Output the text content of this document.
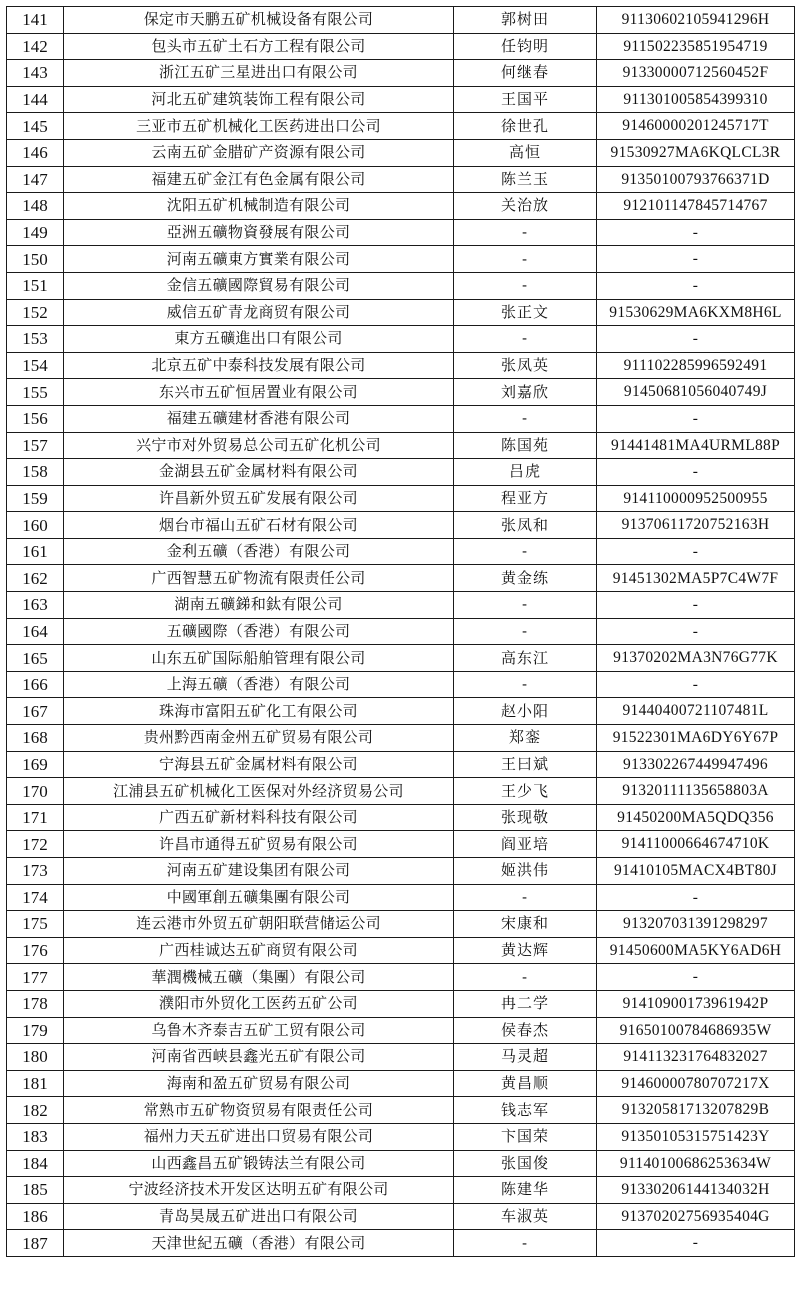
141	保定市天鹏五矿机械设备有限公司	郭树田	91130602105941296H
142	包头市五矿土石方工程有限公司	任钧明	91150223585195471​9
143	浙江五矿三星进出口有限公司	何继春	91330000712560452F
144	河北五矿建筑装饰工程有限公司	王国平	911301005854399310
145	三亚市五矿机械化工医药进出口公司	徐世孔	91460000201245717T
146	云南五矿金腊矿产资源有限公司	高恒	91530927MA6KQLCL3R
147	福建五矿金江有色金属有限公司	陈兰玉	91350100793766371D
148	沈阳五矿机械制造有限公司	关治放	912101147845714767
149	亞洲五礦物資發展有限公司	-	-
150	河南五礦東方實業有限公司	-	-
151	金信五礦國際貿易有限公司	-	-
152	威信五矿青龙商贸有限公司	张正文	91530629MA6KXM8H6L
153	東方五礦進出口有限公司	-	-
154	北京五矿中泰科技发展有限公司	张凤英	91110228599659249​1
155	东兴市五矿恒居置业有限公司	刘嘉欣	91450681056040749J
156	福建五礦建材香港有限公司	-	-
157	兴宁市对外贸易总公司五矿化机公司	陈国苑	91441481MA4URML88P
158	金湖县五矿金属材料有限公司	吕虎	-
159	许昌新外贸五矿发展有限公司	程亚方	914110000952500955
160	烟台市福山五矿石材有限公司	张凤和	91370611720752163H
161	金利五礦（香港）有限公司	-	-
162	广西智慧五矿物流有限责任公司	黄金练	91451302MA5P7C4W7F
163	湖南五礦銻和鈦有限公司	-	-
164	五礦國際（香港）有限公司	-	-
165	山东五矿国际船舶管理有限公司	高东江	91370202MA3N76G77K
166	上海五礦（香港）有限公司	-	-
167	珠海市富阳五矿化工有限公司	赵小阳	91440400721107481L
168	贵州黔西南金州五矿贸易有限公司	郑銮	91522301MA6DY6Y67P
169	宁海县五矿金属材料有限公司	王曰斌	913302267449947496
170	江浦县五矿机械化工医保对外经济贸易公司	王少飞	91320111135658803A
171	广西五矿新材料科技有限公司	张现敬	91450200MA5QDQ356
172	许昌市通得五矿贸易有限公司	阎亚培	91411000664674710K
173	河南五矿建设集团有限公司	姬洪伟	91410105MACX4BT80J
174	中國軍創五礦集團有限公司	-	-
175	连云港市外贸五矿朝阳联营储运公司	宋康和	913207031391298297
176	广西桂诚达五矿商贸有限公司	黄达辉	91450600MA5KY6AD6H
177	華潤機械五礦（集團）有限公司	-	-
178	濮阳市外贸化工医药五矿公司	冉二学	91410900173961942P
179	乌鲁木齐泰吉五矿工贸有限公司	侯春杰	91650100784686935W
180	河南省西峡县鑫光五矿有限公司	马灵超	914113231764832027
181	海南和盈五矿贸易有限公司	黄昌顺	91460000780707217X
182	常熟市五矿物资贸易有限责任公司	钱志军	91320581713207829B
183	福州力天五矿进出口贸易有限公司	卞国荣	91350105315751423Y
184	山西鑫昌五矿锻铸法兰有限公司	张国俊	91140100686253634W
185	宁波经济技术开发区达明五矿有限公司	陈建华	91330206144134032H
186	青岛昊晟五矿进出口有限公司	车淑英	91370202756935404G
187	天津世紀五礦（香港）有限公司	-	-
